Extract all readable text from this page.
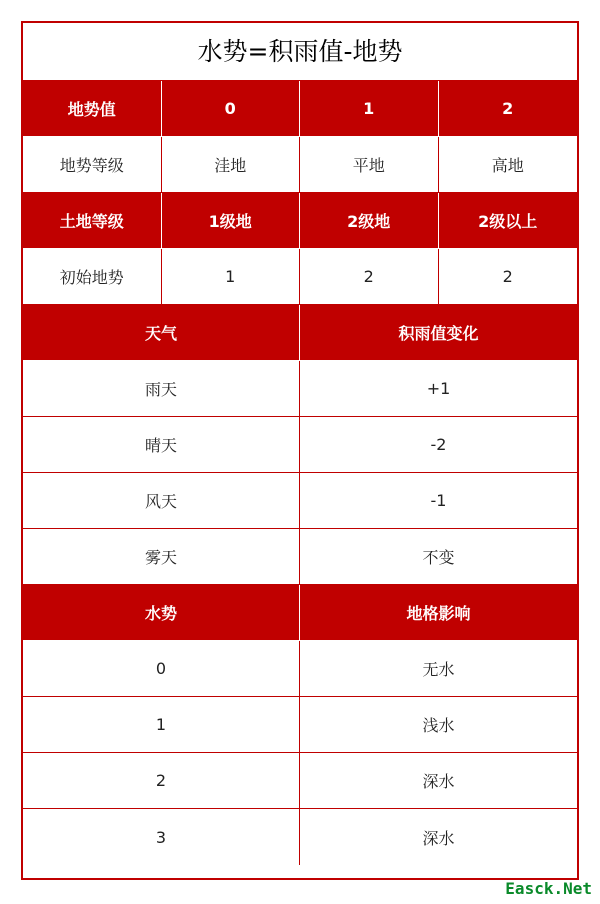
水势=积雨值-地势
地势值	0	1	2
地势等级	洼地	平地	高地
土地等级	1级地	2级地	2级以上
初始地势	1	2	2
天气	积雨值变化
雨天	+1
晴天	-2
风天	-1
雾天	不变
水势	地格影响
0	无水
1	浅水
2	深水
3	深水
Easck.Net
